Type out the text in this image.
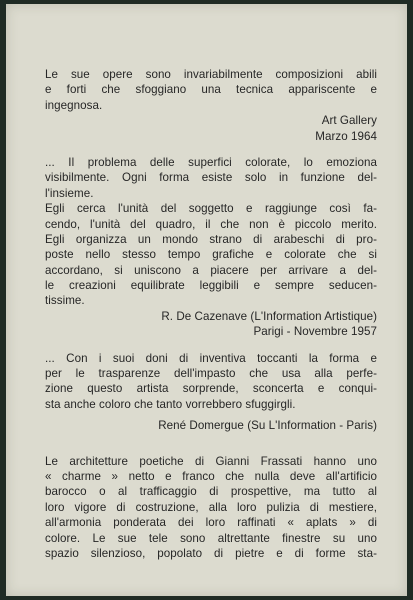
Le sue opere sono invariabilmente composizioni abili
e forti che sfoggiano una tecnica appariscente e
ingegnosa.
Art Gallery
Marzo 1964
... Il problema delle superfici colorate, lo emoziona
visibilmente. Ogni forma esiste solo in funzione del-
l'insieme.
Egli cerca l'unità del soggetto e raggiunge così fa-
cendo, l'unità del quadro, il che non è piccolo merito.
Egli organizza un mondo strano di arabeschi di pro-
poste nello stesso tempo grafiche e colorate che si
accordano, si uniscono a piacere per arrivare a del-
le creazioni equilibrate leggibili e sempre seducen-
tissime.
R. De Cazenave (L'Information Artistique)
Parigi - Novembre 1957
... Con i suoi doni di inventiva toccanti la forma e
per le trasparenze dell'impasto che usa alla perfe-
zione questo artista sorprende, sconcerta e conqui-
sta anche coloro che tanto vorrebbero sfuggirgli.
René Domergue (Su L'Information - Paris)
Le architetture poetiche di Gianni Frassati hanno uno
« charme » netto e franco che nulla deve all'artificio
barocco o al trafficaggio di prospettive, ma tutto al
loro vigore di costruzione, alla loro pulizia di mestiere,
all'armonia ponderata dei loro raffinati « aplats » di
colore. Le sue tele sono altrettante finestre su uno
spazio silenzioso, popolato di pietre e di forme sta-
